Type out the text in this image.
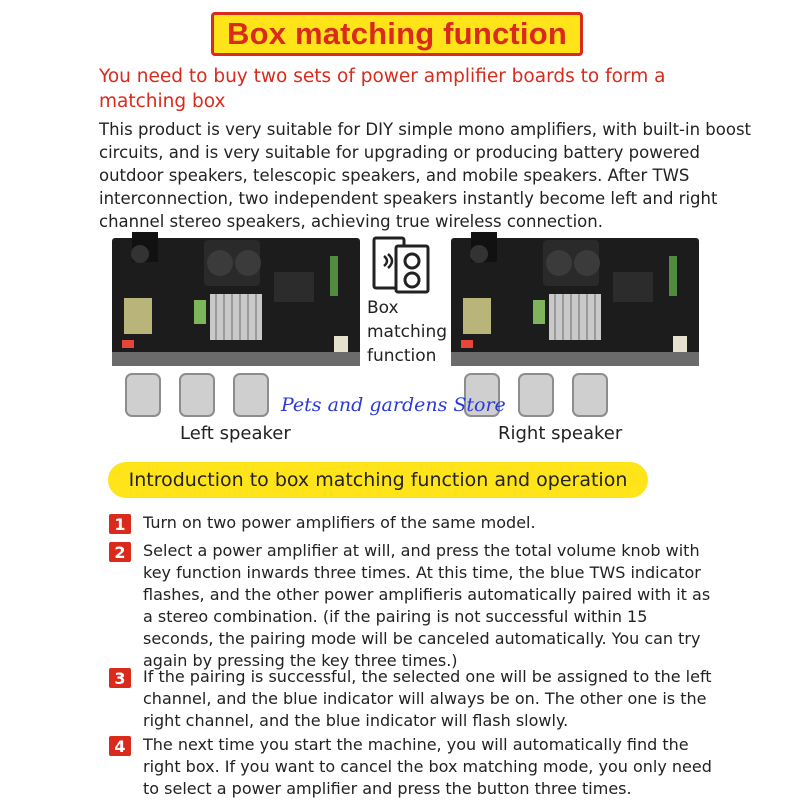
Box matching function
You need to buy two sets of power amplifier boards to form a matching box
This product is very suitable for DIY simple mono amplifiers, with built-in boost circuits, and is very suitable for upgrading or producing battery powered outdoor speakers, telescopic speakers, and mobile speakers. After TWS interconnection, two independent speakers instantly become left and right channel stereo speakers, achieving true wireless connection.
Box matching function
Left speaker	Right speaker
Pets and gardens Store
Introduction to box matching function and operation
1	Turn on two power amplifiers of the same model.
2	Select a power amplifier at will, and press the total volume knob with key function inwards three times. At this time, the blue TWS indicator flashes, and the other power amplifieris automatically paired with it as a stereo combination. (if the pairing is not successful within 15 seconds, the pairing mode will be canceled automatically. You can try again by pressing the key three times.)
3	If the pairing is successful, the selected one will be assigned to the left channel, and the blue indicator will always be on. The other one is the right channel, and the blue indicator will flash slowly.
4	The next time you start the machine, you will automatically find the right box. If you want to cancel the box matching mode, you only need to select a power amplifier and press the button three times.
